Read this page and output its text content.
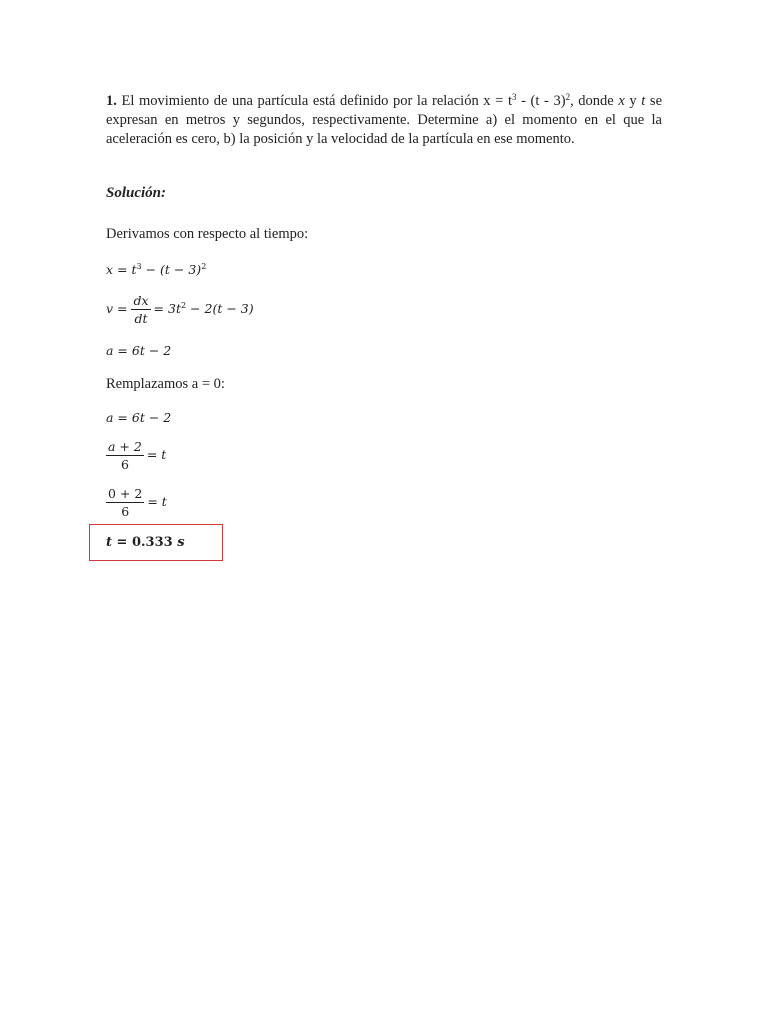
1. El movimiento de una partícula está definido por la relación $x = t^3 - (t - 3)^2$, donde x y t se expresan en metros y segundos, respectivamente. Determine a) el momento en el que la aceleración es cero, b) la posición y la velocidad de la partícula en ese momento.
Solución:
Derivamos con respecto al tiempo:
$x = t^3 - (t - 3)^2$
$v = \frac{dx}{dt} = 3t^2 - 2(t - 3)$
a = 6t − 2
Remplazamos a = 0:
a = 6t − 2
$\frac{a + 2}{6} = t$
$\frac{0 + 2}{6} = t$
t = 0.333 s
